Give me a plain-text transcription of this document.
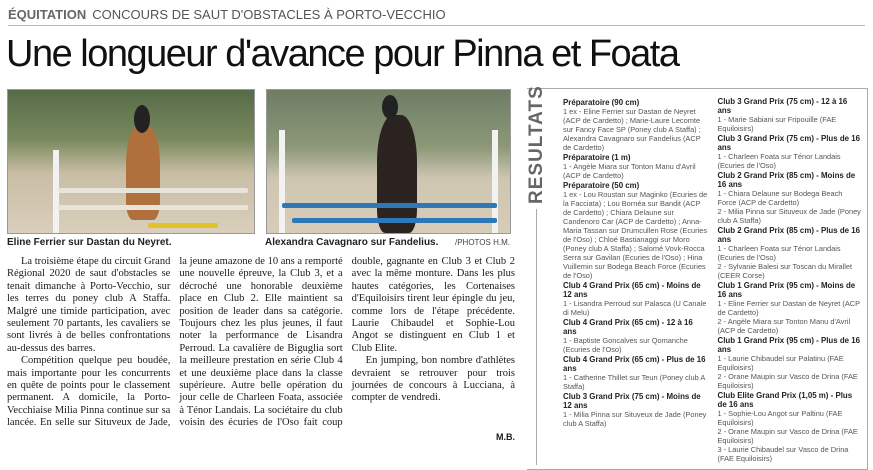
ÉQUITATION CONCOURS DE SAUT D'OBSTACLES À PORTO-VECCHIO
Une longueur d'avance pour Pinna et Foata
Eline Ferrier sur Dastan du Neyret.	Alexandra Cavagnaro sur Fandelius. /PHOTOS H.M.

La troisième étape du circuit Grand Régional 2020 de saut d'obstacles se tenait dimanche à Porto-Vecchio, sur les terres du poney club A Staffa. Malgré une timide participation, avec seulement 70 partants, les cavaliers se sont livrés à de belles confrontations au-dessus des barres.

Compétition quelque peu boudée, mais importante pour les concurrents en quête de points pour le classement permanent. A domicile, la Porto-Vecchiaise Milia Pinna continue sur sa lancée. En selle sur Situveux de Jade, la jeune amazone de 10 ans a remporté une nouvelle épreuve, la Club 3, et a décroché une honorable deuxième place en Club 2. Elle maintient sa position de leader dans sa catégorie. Toujours chez les plus jeunes, il faut noter la performance de Lisandra Perroud. La cavalière de Biguglia sort la meilleure prestation en série Club 4 et une deuxième place dans la classe supérieure. Autre belle opération du jour celle de Charleen Foata, associée à Ténor Landais. La sociétaire du club voisin des écuries de l'Oso fait coup double, gagnante en Club 3 et Club 2 avec la même monture. Dans les plus hautes catégories, les Cortenaises d'Equiloisirs tirent leur épingle du jeu, comme lors de l'étape précédente. Laurie Chibaudel et Sophie-Lou Angot se distinguent en Club 1 et Club Elite.

En jumping, bon nombre d'athlètes devraient se retrouver pour trois journées de concours à Lucciana, à compter de vendredi.

M.B.
RESULTATS Préparatoire (90 cm)
1 ex - Eline Ferrier sur Dastan de Neyret (ACP de Cardetto) ; Marie-Laure Lecomte sur Fancy Face SP (Poney club A Staffa) ; Alexandra Cavagnaro sur Fandelius (ACP de Cardetto)
Préparatoire (1 m)
1 - Angèle Miara sur Tonton Manu d'Avril (ACP de Cardetto)
Préparatoire (50 cm)
1 ex - Lou Roustan sur Maginko (Ecuries de la Facciata) ; Lou Bornéa sur Bandit (ACP de Cardetto) ; Chiara Delaune sur Candenoro Car (ACP de Cardetto) ; Anna-Maria Tassan sur Drumcullen Rose (Ecuries de l'Oso) ; Chloé Bastianaggi sur Moro (Poney club A Staffa) ; Salomé Vovk-Rocca Serra sur Gavilan (Ecuries de l'Oso) ; Hina Vuillemin sur Bodega Beach Force (Ecuries de l'Oso)
Club 4 Grand Prix (65 cm) - Moins de 12 ans
1 - Lisandra Perroud sur Palasca (U Canale di Melu)
Club 4 Grand Prix (65 cm) - 12 à 16 ans
1 - Baptiste Goncalves sur Qomanche (Ecuries de l'Oso)
Club 4 Grand Prix (65 cm) - Plus de 16 ans
1 - Catherine Thillet sur Teun (Poney club A Staffa)
Club 3 Grand Prix (75 cm) - Moins de 12 ans
1 - Milia Pinna sur Situveux de Jade (Poney club A Staffa)
Club 3 Grand Prix (75 cm) - 12 à 16 ans
1 - Marie Sabiani sur Fripouille (FAE Equiloisirs)
Club 3 Grand Prix (75 cm) - Plus de 16 ans
1 - Charleen Foata sur Ténor Landais (Ecuries de l'Oso)
Club 2 Grand Prix (85 cm) - Moins de 16 ans
1 - Chiara Delaune sur Bodega Beach Force (ACP de Cardetto)
2 - Milia Pinna sur Situveux de Jade (Poney club A Staffa)
Club 2 Grand Prix (85 cm) - Plus de 16 ans
1 - Charleen Foata sur Ténor Landais (Ecuries de l'Oso)
2 - Sylvanie Balesi sur Toscan du Mirallet (CEER Corse)
Club 1 Grand Prix (95 cm) - Moins de 16 ans
1 - Eline Ferrier sur Dastan de Neyret (ACP de Cardetto)
2 - Angèle Miara sur Tonton Manu d'Avril (ACP de Cardetto)
Club 1 Grand Prix (95 cm) - Plus de 16 ans
1 - Laurie Chibaudel sur Palatinu (FAE Equiloisirs)
2 - Orane Maupin sur Vasco de Drina (FAE Equiloisirs)
Club Elite Grand Prix (1,05 m) - Plus de 16 ans
1 - Sophie-Lou Angot sur Paltinu (FAE Equiloisirs)
2 - Orane Maupin sur Vasco de Drina (FAE Equiloisirs)
3 - Laurie Chibaudel sur Vasco de Drina (FAE Equiloisirs)
